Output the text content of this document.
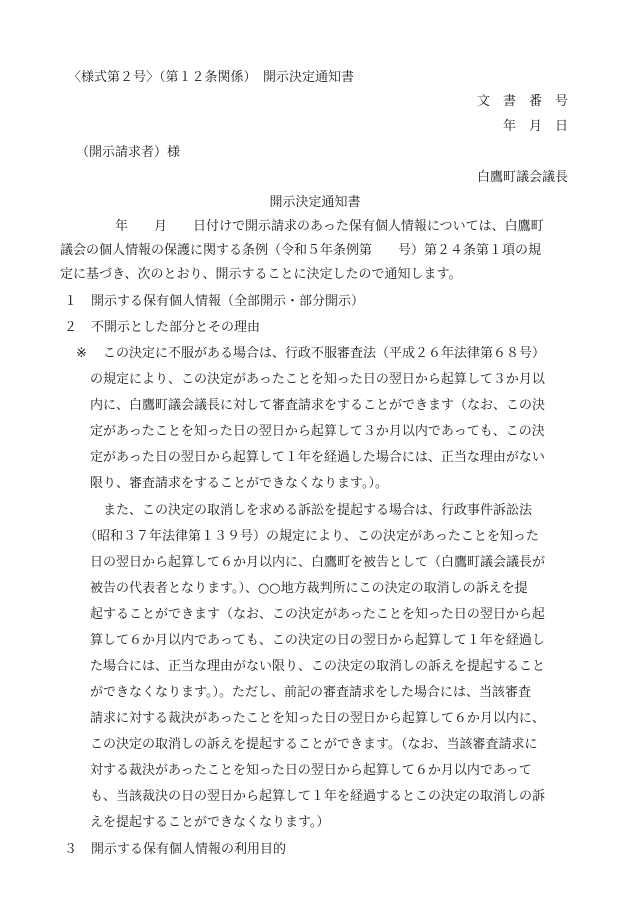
〈様式第２号〉（第１２条関係）　開示決定通知書
文　書　番　号
年　月　日
（開示請求者）様
白鷹町議会議長
開示決定通知書
年　　月　　日付けで開示請求のあった保有個人情報については、白鷹町
議会の個人情報の保護に関する条例（令和５年条例第　　号）第２４条第１項の規
定に基づき、次のとおり、開示することに決定したので通知します。
１ 開示する保有個人情報（全部開示・部分開示）
２ 不開示とした部分とその理由
※ この決定に不服がある場合は、行政不服審査法（平成２６年法律第６８号）
の規定により、この決定があったことを知った日の翌日から起算して３か月以
内に、白鷹町議会議長に対して審査請求をすることができます（なお、この決
定があったことを知った日の翌日から起算して３か月以内であっても、この決
定があった日の翌日から起算して１年を経過した場合には、正当な理由がない
限り、審査請求をすることができなくなります。）。
また、この決定の取消しを求める訴訟を提起する場合は、行政事件訴訟法
（昭和３７年法律第１３９号）の規定により、この決定があったことを知った
日の翌日から起算して６か月以内に、白鷹町を被告として（白鷹町議会議長が
被告の代表者となります。）、○○地方裁判所にこの決定の取消しの訴えを提
起することができます（なお、この決定があったことを知った日の翌日から起
算して６か月以内であっても、この決定の日の翌日から起算して１年を経過し
た場合には、正当な理由がない限り、この決定の取消しの訴えを提起すること
ができなくなります。）。ただし、前記の審査請求をした場合には、当該審査
請求に対する裁決があったことを知った日の翌日から起算して６か月以内に、
この決定の取消しの訴えを提起することができます。（なお、当該審査請求に
対する裁決があったことを知った日の翌日から起算して６か月以内であって
も、当該裁決の日の翌日から起算して１年を経過するとこの決定の取消しの訴
えを提起することができなくなります。）
３ 開示する保有個人情報の利用目的
